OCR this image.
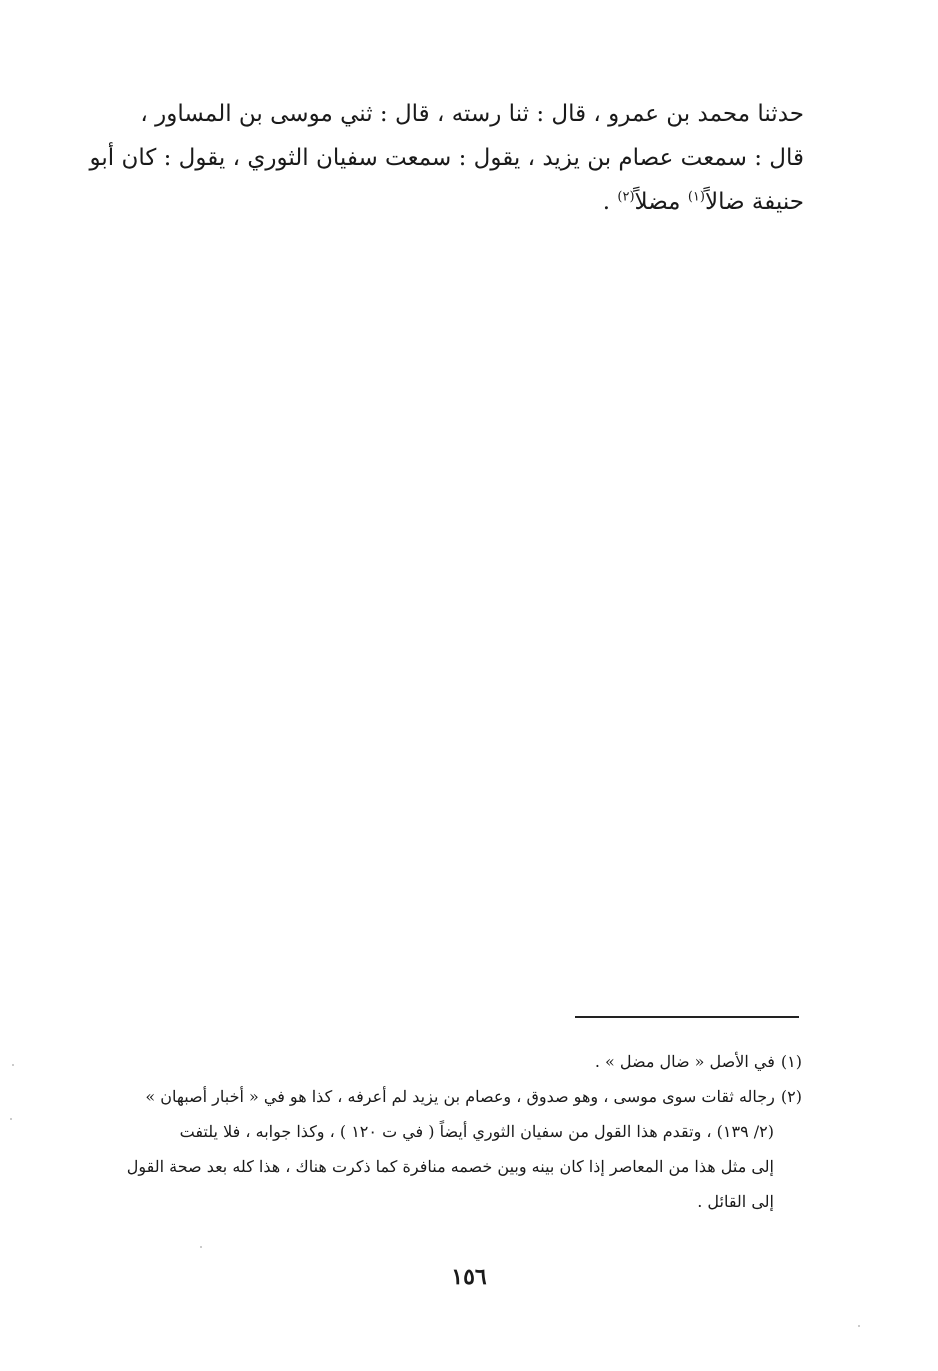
حدثنا محمد بن عمرو ، قال : ثنا رسته ، قال : ثني موسى بن المساور ،

قال : سمعت عصام بن يزيد ، يقول : سمعت سفيان الثوري ، يقول : كان أبو

حنيفة ضالاً$^{(١)}$ مضلاً$^{(٢)}$ .

(١)في الأصل « ضال مضل » .

(٢)رجاله ثقات سوى موسى ، وهو صدوق ، وعصام بن يزيد لم أعرفه ، كذا هو في « أخبار أصبهان »

(٢/ ١٣٩) ، وتقدم هذا القول من سفيان الثوري أيضاً ( في ت ١٢٠ ) ، وكذا جوابه ، فلا يلتفت

إلى مثل هذا من المعاصر إذا كان بينه وبين خصمه منافرة كما ذكرت هناك ، هذا كله بعد صحة القول

إلى القائل .

١٥٦
